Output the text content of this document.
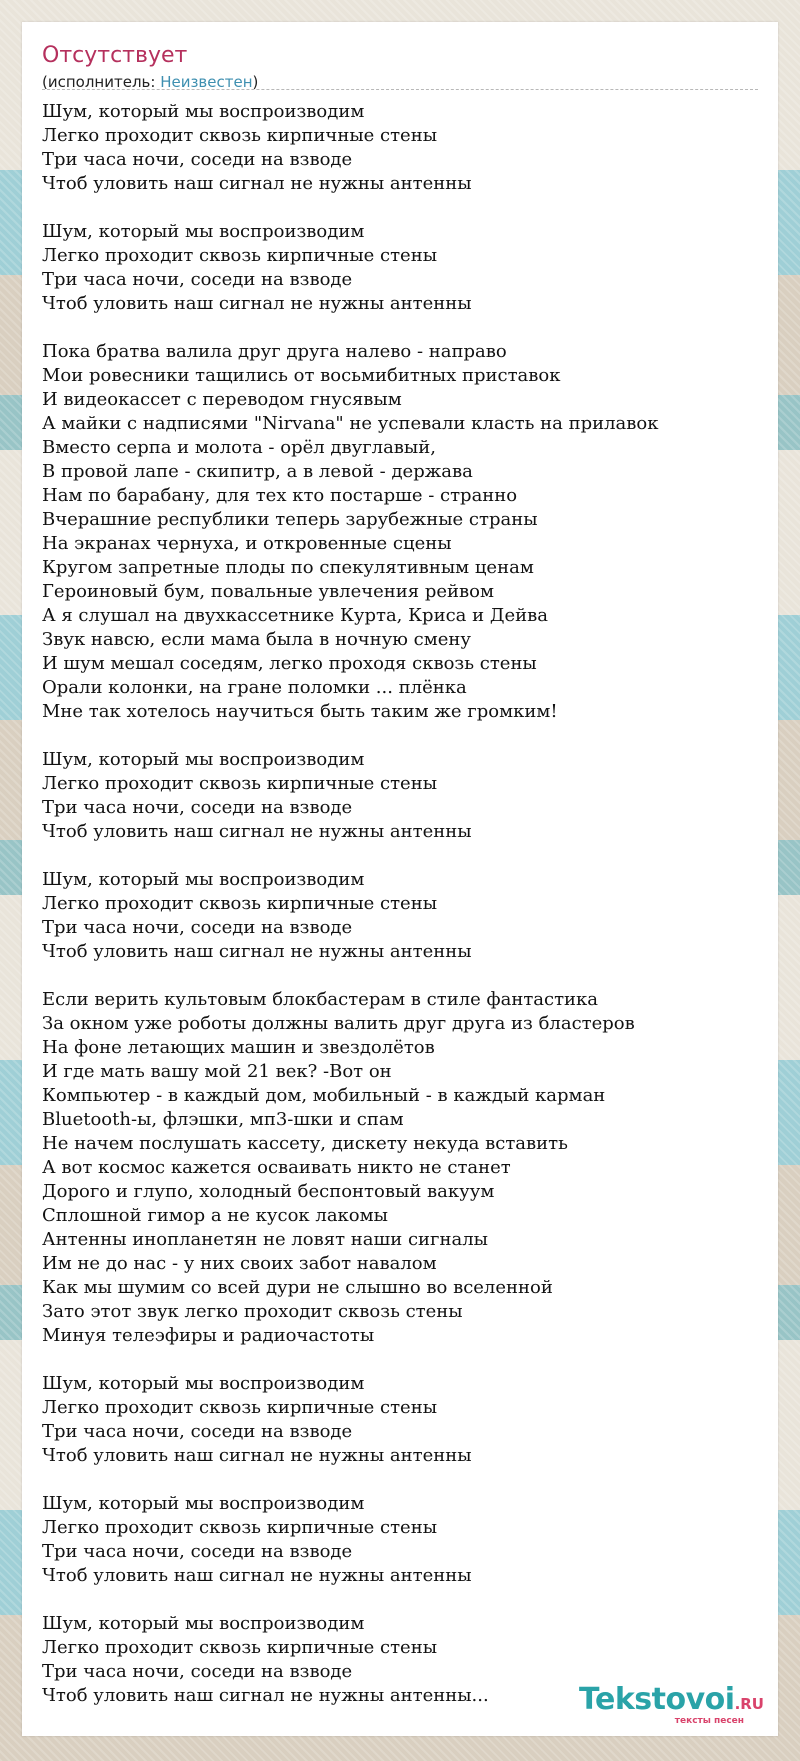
Отсутствует
(исполнитель: Неизвестен)
Шум, который мы воспроизводим
Легко проходит сквозь кирпичные стены
Три часа ночи, соседи на взводе
Чтоб уловить наш сигнал не нужны антенны
Шум, который мы воспроизводим
Легко проходит сквозь кирпичные стены
Три часа ночи, соседи на взводе
Чтоб уловить наш сигнал не нужны антенны
Пока братва валила друг друга налево - направо
Мои ровесники тащились от восьмибитных приставок
И видеокассет с переводом гнусявым
А майки с надписями "Nirvana" не успевали класть на прилавок
Вместо серпа и молота - орёл двуглавый,
В провой лапе - скипитр, а в левой - держава
Нам по барабану, для тех кто постарше - странно
Вчерашние республики теперь зарубежные страны
На экранах чернуха, и откровенные сцены
Кругом запретные плоды по спекулятивным ценам
Героиновый бум, повальные увлечения рейвом
А я слушал на двухкассетнике Курта, Криса и Дейва
Звук навсю, если мама была в ночную смену
И шум мешал соседям, легко проходя сквозь стены
Орали колонки, на гране поломки ... плёнка
Мне так хотелось научиться быть таким же громким!
Шум, который мы воспроизводим
Легко проходит сквозь кирпичные стены
Три часа ночи, соседи на взводе
Чтоб уловить наш сигнал не нужны антенны
Шум, который мы воспроизводим
Легко проходит сквозь кирпичные стены
Три часа ночи, соседи на взводе
Чтоб уловить наш сигнал не нужны антенны
Если верить культовым блокбастерам в стиле фантастика
За окном уже роботы должны валить друг друга из бластеров
На фоне летающих машин и звездолётов
И где мать вашу мой 21 век? -Вот он
Компьютер - в каждый дом, мобильный - в каждый карман
Bluetooth-ы, флэшки, мп3-шки и спам
Не начем послушать кассету, дискету некуда вставить
А вот космос кажется осваивать никто не станет
Дорого и глупо, холодный беспонтовый вакуум
Сплошной гимор а не кусок лакомы
Антенны инопланетян не ловят наши сигналы
Им не до нас - у них своих забот навалом
Как мы шумим со всей дури не слышно во вселенной
Зато этот звук легко проходит сквозь стены
Минуя телеэфиры и радиочастоты
Шум, который мы воспроизводим
Легко проходит сквозь кирпичные стены
Три часа ночи, соседи на взводе
Чтоб уловить наш сигнал не нужны антенны
Шум, который мы воспроизводим
Легко проходит сквозь кирпичные стены
Три часа ночи, соседи на взводе
Чтоб уловить наш сигнал не нужны антенны
Шум, который мы воспроизводим
Легко проходит сквозь кирпичные стены
Три часа ночи, соседи на взводе
Чтоб уловить наш сигнал не нужны антенны...	Tekstovoi.RU
тексты песен
